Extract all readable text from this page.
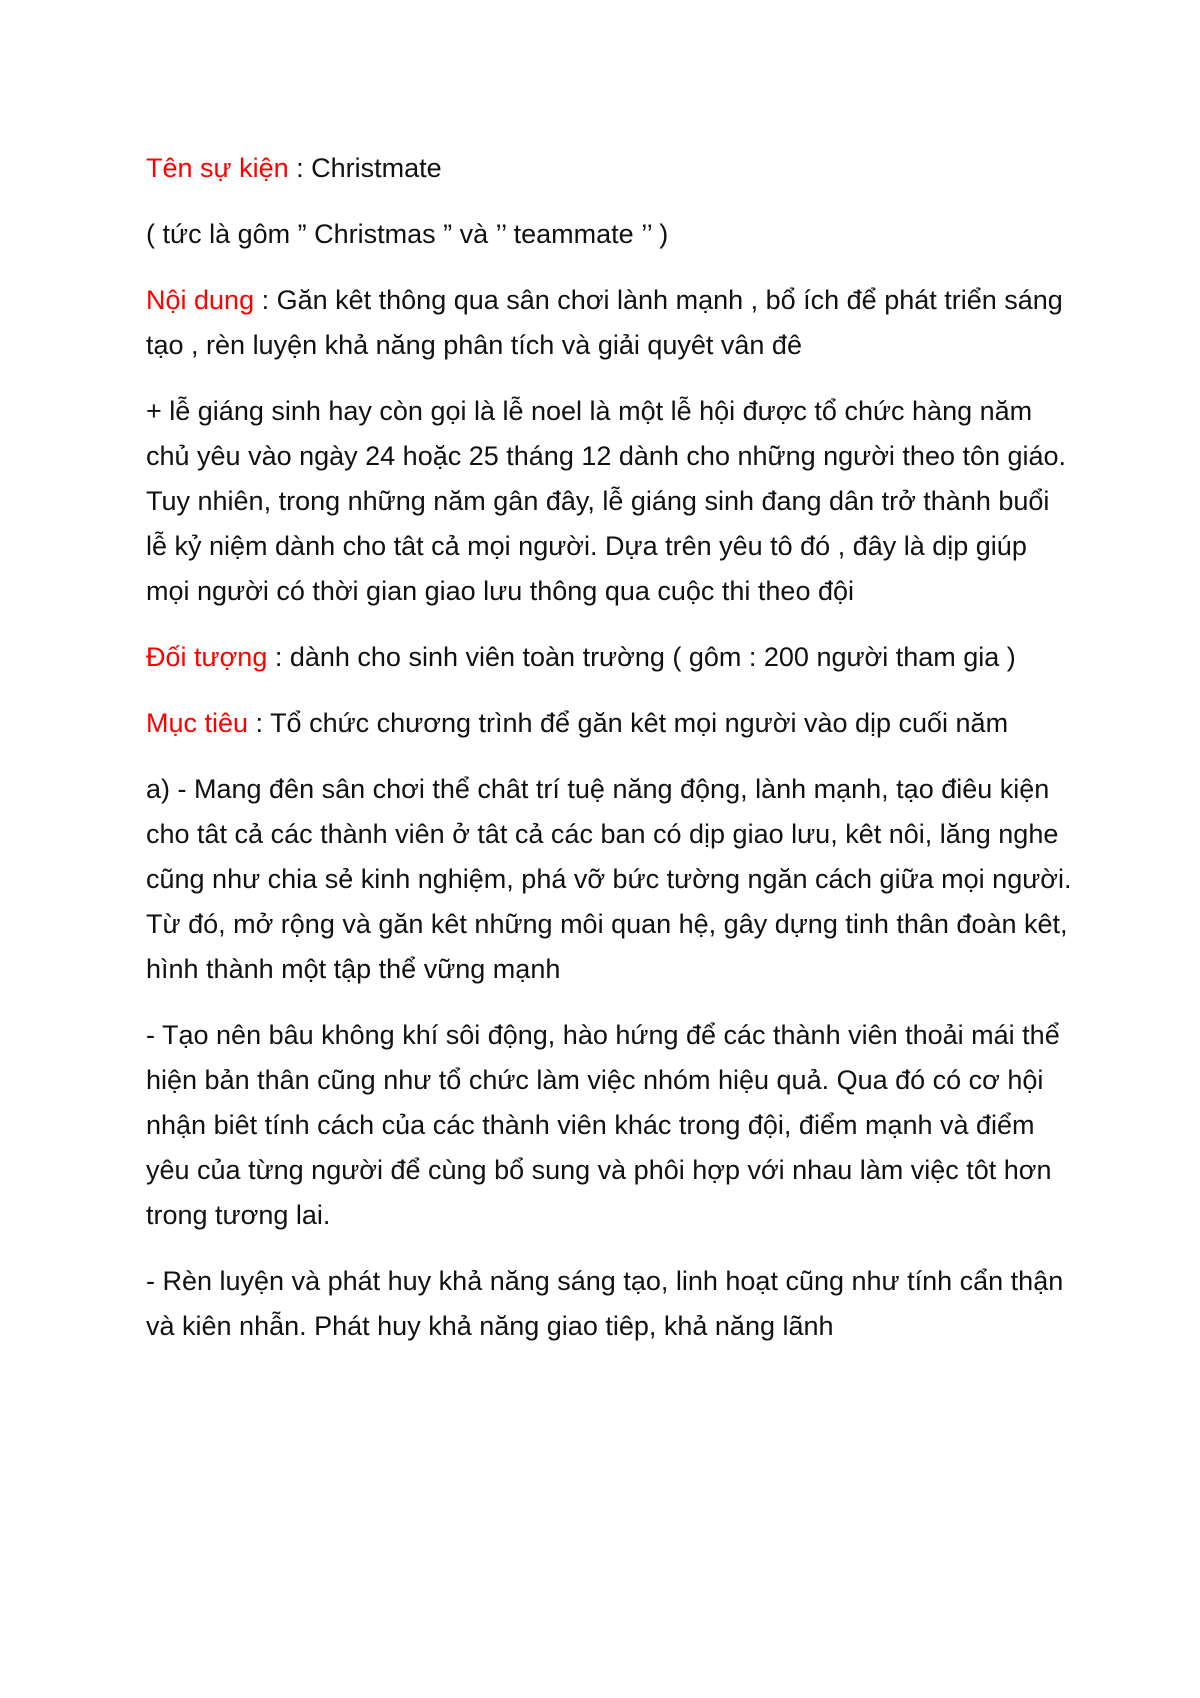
Tên sự kiện : Christmate
( tức là gôm ” Christmas ” và ’’ teammate ’’ )
Nội dung : Găn kêt thông qua sân chơi lành mạnh , bổ ích để phát triển sáng tạo , rèn luyện khả năng phân tích và giải quyêt vân đê
+ lễ giáng sinh hay còn gọi là lễ noel là một lễ hội được tổ chức hàng năm chủ yêu vào ngày 24 hoặc 25 tháng 12 dành cho những người theo tôn giáo. Tuy nhiên, trong những năm gân đây, lễ giáng sinh đang dân trở thành buổi lễ kỷ niệm dành cho tât cả mọi người. Dựa trên yêu tô đó , đây là dịp giúp mọi người có thời gian giao lưu thông qua cuộc thi theo đội
Đối tượng : dành cho sinh viên toàn trường ( gôm : 200 người tham gia )
Mục tiêu : Tổ chức chương trình để găn kêt mọi người vào dịp cuối năm
a) - Mang đên sân chơi thể chât trí tuệ năng động, lành mạnh, tạo điêu kiện cho tât cả các thành viên ở tât cả các ban có dịp giao lưu, kêt nôi, lăng nghe cũng như chia sẻ kinh nghiệm, phá vỡ bức tường ngăn cách giữa mọi người. Từ đó, mở rộng và găn kêt những môi quan hệ, gây dựng tinh thân đoàn kêt, hình thành một tập thể vững mạnh
- Tạo nên bâu không khí sôi động, hào hứng để các thành viên thoải mái thể hiện bản thân cũng như tổ chức làm việc nhóm hiệu quả. Qua đó có cơ hội nhận biêt tính cách của các thành viên khác trong đội, điểm mạnh và điểm yêu của từng người để cùng bổ sung và phôi hợp với nhau làm việc tôt hơn trong tương lai.
- Rèn luyện và phát huy khả năng sáng tạo, linh hoạt cũng như tính cẩn thận và kiên nhẫn. Phát huy khả năng giao tiêp, khả năng lãnh
